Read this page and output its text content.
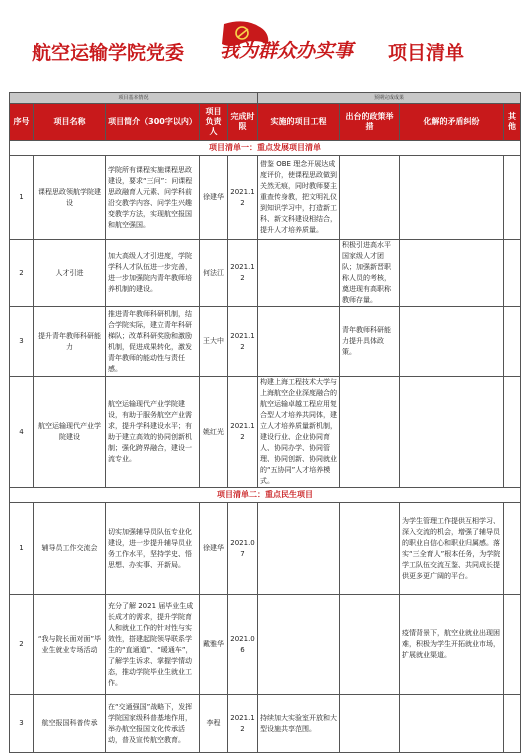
航空运输学院党委 我为群众办实事 项目清单
项目基本情况					预期完成成果			
序号	项目名称	项目简介（300字以内）	项目负责人	完成时限	实施的项目工程	出台的政策举措	化解的矛盾纠纷	其他
项目清单一：重点发展项目清单								
1	课程思政领航学院建设	学院所有课程实施课程思政建设，要求“三问”：问课程思政融育人元素、问学科前沿交教学内容、问学生兴趣变教学方法，实现航空报国和航空强国。	徐建华	2021.12	借鉴 OBE 理念开展达成度评价，使课程思政做到关然无痕，同时教师要主重查传身教，把文明礼仪到知识学习中，打造新工科、新文科建设相结合，提升人才培养质量。			
2	人才引进	加大高级人才引进度，学院学科人才队伍进一步完善，进一步加强院内青年教师培养机制的建设。	何法江	2021.12		积极引进高水平国家级人才团队；加强新晋职称人员的考核，奠进现有高职称教师存量。		
3	提升青年教师科研能力	推进青年教师科研机制，结合学院实际，建立青年科研梯队；改革科研奖励和激励机制，促进成果转化，激发青年教师的能动性与责任感。	王大中	2021.12		青年教师科研能力提升具体政策。		
4	航空运输现代产业学院建设	航空运输现代产业学院建设，有助于服务航空产业需求，提升学科建设水平；有助于建立高效的协同创新机制；强化跨界融合，建设一流专业。	姚红光	2021.12	构建上海工程技术大学与上海航空企业深度融合的航空运输卓越工程应用复合型人才培养共同体，建立人才培养质量新机制，建设行业、企业协同育人、协同办学、协同管理、协同创新、协同就业的“五协同”人才培养模式。			
项目清单二：重点民生项目								
1	辅导员工作交流会	切实加强辅导员队伍专业化建设，进一步提升辅导员业务工作水平，坚持学史、悟思想、办实事、开新局。	徐建华	2021.07			为学生管理工作提供互相学习、深入交流的机会，增强了辅导员的职业自信心和职业归属感。落实“三全育人”根本任务，为学院学工队伍交流互鉴、共同成长提供更多更广阔的平台。	
2	“我与院长面对面”毕业生就业专场活动	充分了解 2021 届毕业生成长成才的需求，提升学院育人和就业工作的针对性与实效性，搭建起院领导联系学生的“直通道”、“暖通车”，了解学生诉求、掌握学情动态，推动学院毕业生就业工作。	戴雅华	2021.06			疫情背景下，航空业就业出现困难，积极为学生开拓就业市场，扩展就业渠道。	
3	航空报国科普传承	在“交通强国”战略下，发挥学院国家级科普基地作用，举办航空报国文化传承活动，普及宣传航空教育。	李程	2021.12	持续加大实验室开放和大型设施共享范围。			
